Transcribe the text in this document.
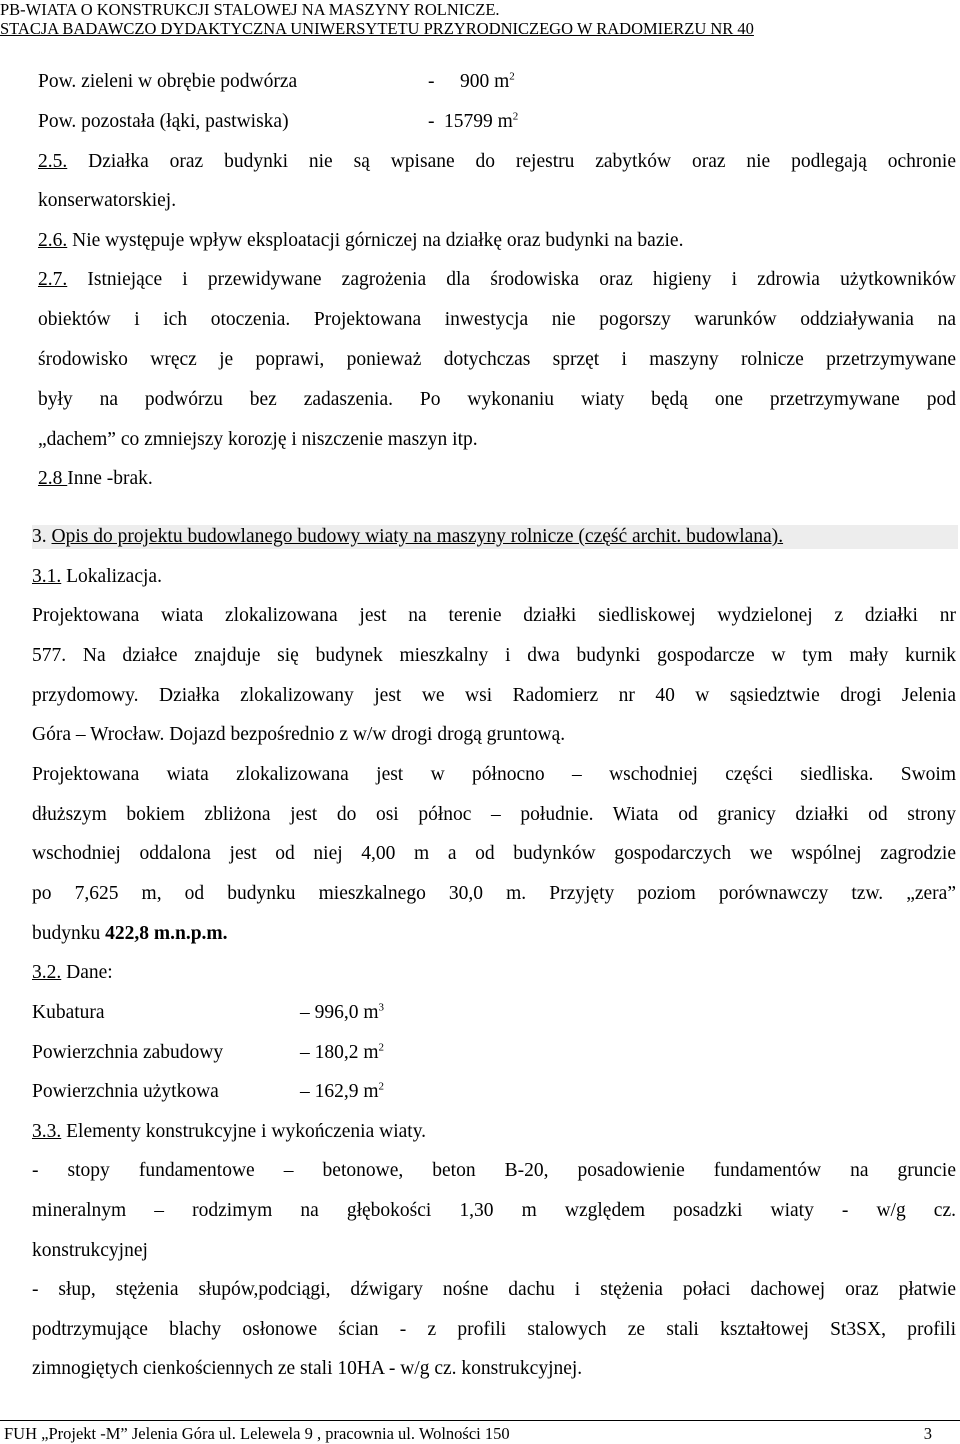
PB-WIATA O KONSTRUKCJI STALOWEJ NA MASZYNY ROLNICZE.
STACJA BADAWCZO DYDAKTYCZNA UNIWERSYTETU PRZYRODNICZEGO W RADOMIERZU NR 40
Pow. zieleni w obrębie podwórza	- 900 $m^2$
Pow. pozostała (łąki, pastwiska)	- 15799 $m^2$
2.5. Działka oraz budynki nie są wpisane do rejestru zabytków oraz nie podlegają ochronie
konserwatorskiej.
2.6. Nie występuje wpływ eksploatacji górniczej na działkę oraz budynki na bazie.
2.7. Istniejące i przewidywane zagrożenia dla środowiska oraz higieny i zdrowia użytkowników
obiektów i ich otoczenia. Projektowana inwestycja nie pogorszy warunków oddziaływania na
środowisko wręcz je poprawi, ponieważ dotychczas sprzęt i maszyny rolnicze przetrzymywane
były na podwórzu bez zadaszenia. Po wykonaniu wiaty będą one przetrzymywane pod
„dachem” co zmniejszy korozję i niszczenie maszyn itp.
2.8 Inne -brak.
3. Opis do projektu budowlanego budowy wiaty na maszyny rolnicze (część archit. budowlana).
3.1. Lokalizacja.
Projektowana wiata zlokalizowana jest na terenie działki siedliskowej wydzielonej z działki nr
577. Na działce znajduje się budynek mieszkalny i dwa budynki gospodarcze w tym mały kurnik
przydomowy. Działka zlokalizowany jest we wsi Radomierz nr 40 w sąsiedztwie drogi Jelenia
Góra – Wrocław. Dojazd bezpośrednio z w/w drogi drogą gruntową.
Projektowana wiata zlokalizowana jest w północno – wschodniej części siedliska. Swoim
dłuższym bokiem zbliżona jest do osi północ – południe. Wiata od granicy działki od strony
wschodniej oddalona jest od niej 4,00 m a od budynków gospodarczych we wspólnej zagrodzie
po 7,625 m, od budynku mieszkalnego 30,0 m. Przyjęty poziom porównawczy tzw. „zera”
budynku 422,8 m.n.p.m.
3.2. Dane:
Kubatura	– 996,0 $m^3$
Powierzchnia zabudowy	– 180,2 $m^2$
Powierzchnia użytkowa	– 162,9 $m^2$
3.3. Elementy konstrukcyjne i wykończenia wiaty.
- stopy fundamentowe – betonowe, beton B-20, posadowienie fundamentów na gruncie
mineralnym – rodzimym na głębokości 1,30 m względem posadzki wiaty - w/g cz.
konstrukcyjnej
- słup, stężenia słupów,podciągi, dźwigary nośne dachu i stężenia połaci dachowej oraz płatwie
podtrzymujące blachy osłonowe ścian - z profili stalowych ze stali kształtowej St3SX, profili
zimnogiętych cienkościennych ze stali 10HA - w/g cz. konstrukcyjnej.
FUH „Projekt -M” Jelenia Góra ul. Lelewela 9 , pracownia ul. Wolności 150	3
